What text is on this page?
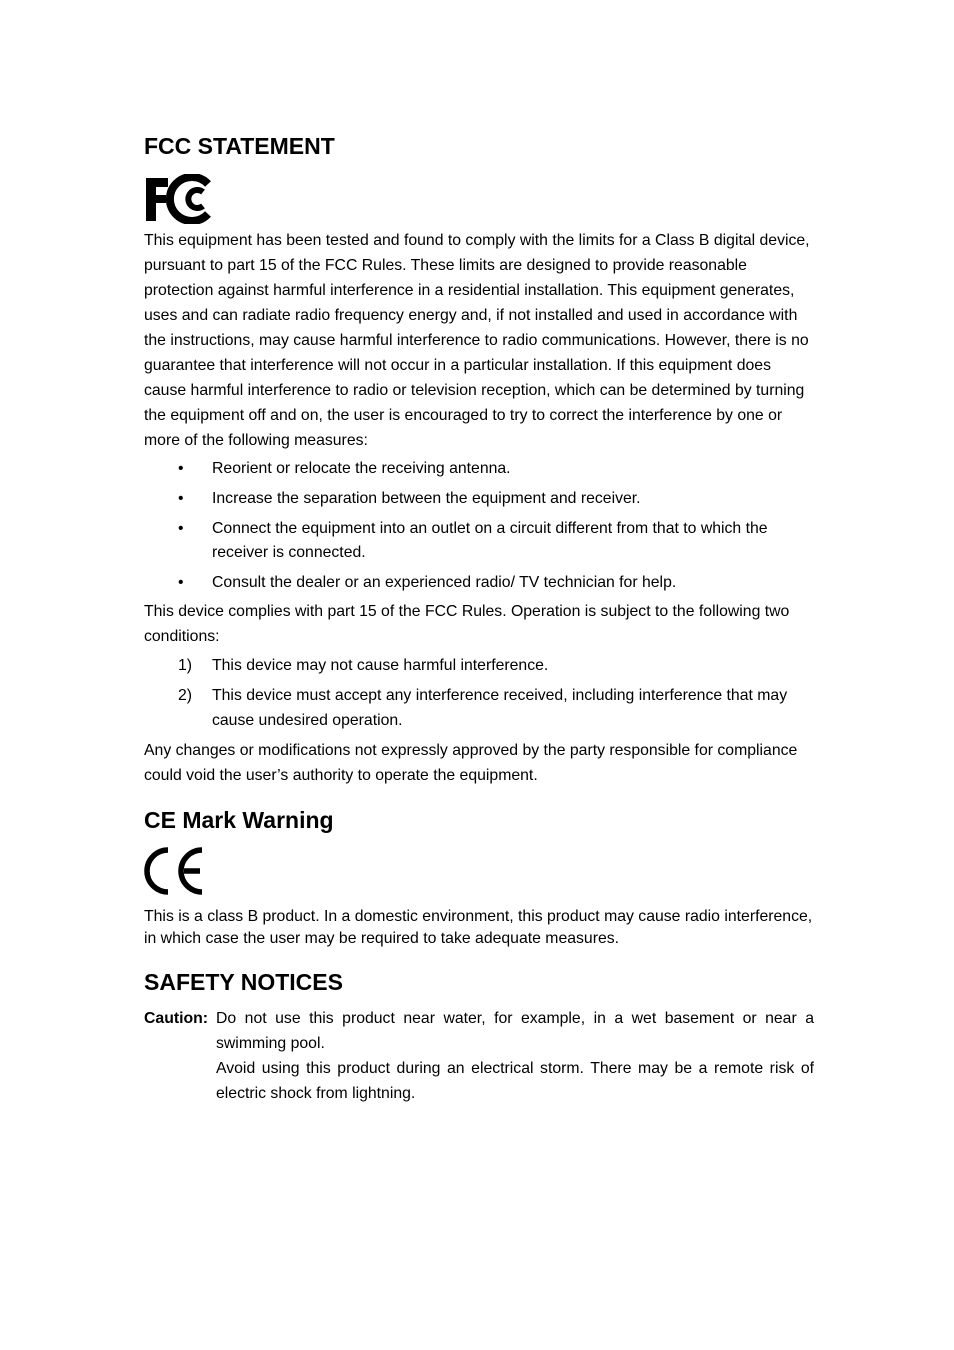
FCC STATEMENT

This equipment has been tested and found to comply with the limits for a Class B digital device, pursuant to part 15 of the FCC Rules. These limits are designed to provide reasonable protection against harmful interference in a residential installation. This equipment generates, uses and can radiate radio frequency energy and, if not installed and used in accordance with the instructions, may cause harmful interference to radio communications. However, there is no guarantee that interference will not occur in a particular installation. If this equipment does cause harmful interference to radio or television reception, which can be determined by turning the equipment off and on, the user is encouraged to try to correct the interference by one or more of the following measures:

• Reorient or relocate the receiving antenna.
• Increase the separation between the equipment and receiver.
• Connect the equipment into an outlet on a circuit different from that to which the receiver is connected.
• Consult the dealer or an experienced radio/ TV technician for help.

This device complies with part 15 of the FCC Rules. Operation is subject to the following two conditions:

1) This device may not cause harmful interference.
2) This device must accept any interference received, including interference that may cause undesired operation.

Any changes or modifications not expressly approved by the party responsible for compliance could void the user’s authority to operate the equipment.

CE Mark Warning

This is a class B product. In a domestic environment, this product may cause radio interference, in which case the user may be required to take adequate measures.

SAFETY NOTICES
Caution: Do not use this product near water, for example, in a wet basement or near a swimming pool.
Avoid using this product during an electrical storm. There may be a remote risk of electric shock from lightning.
